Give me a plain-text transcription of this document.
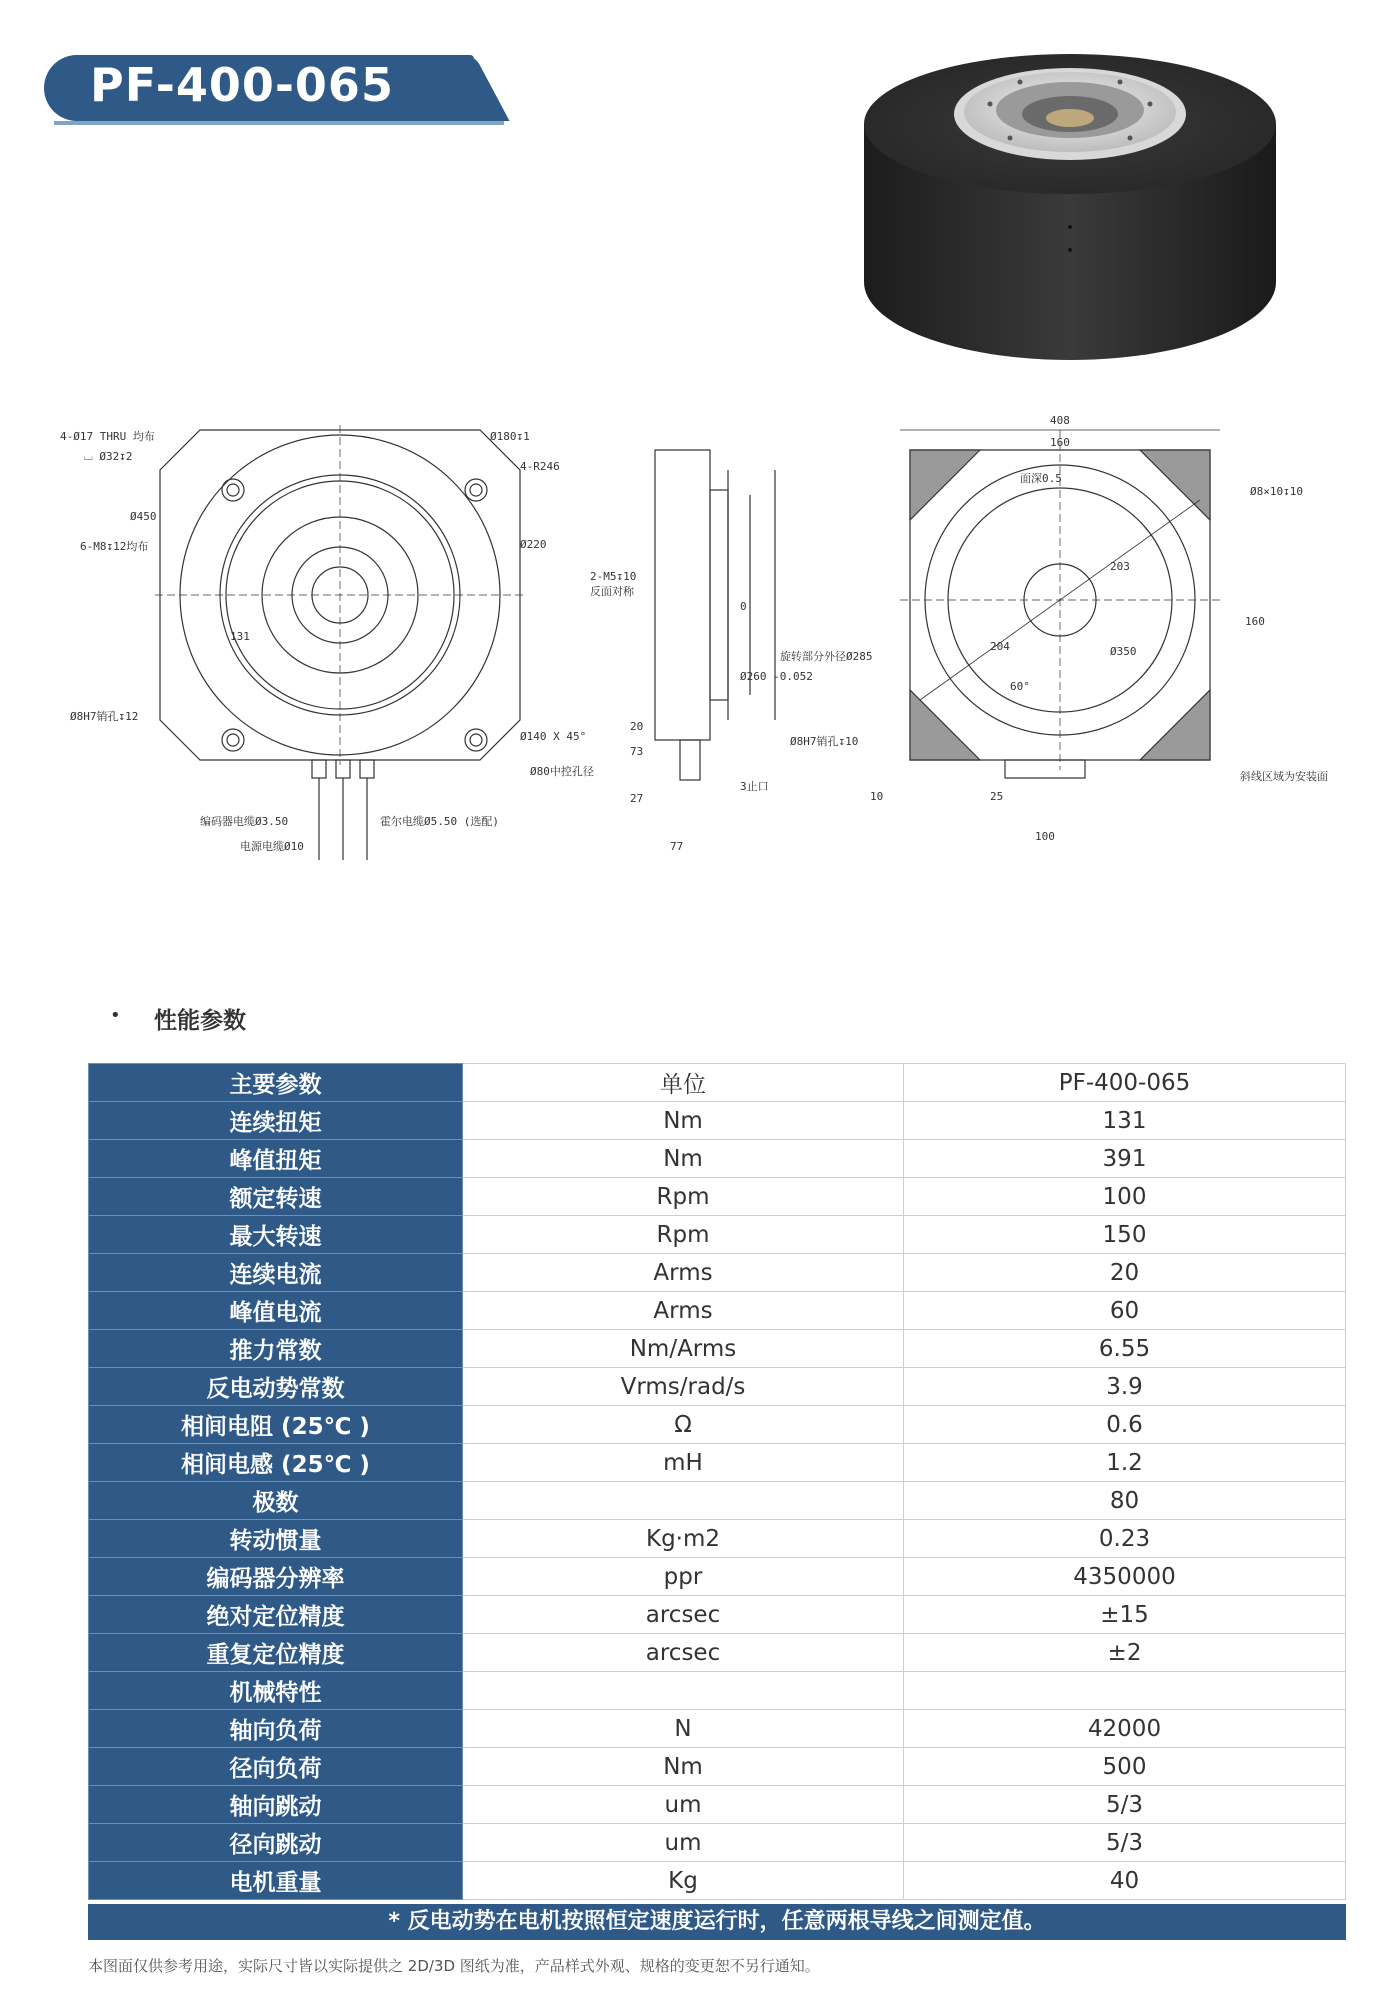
PF-400-065
4-Ø17 THRU 均布
⌴ Ø32↧2
Ø180↧1
4-R246
Ø450
6-M8↧12均布	Ø220
Ø8H7销孔↧12
Ø140 X 45°
Ø80中控孔径
编码器电缆Ø3.50	霍尔电缆Ø5.50 (选配)
电源电缆Ø10
131
2-M5↧10
反面对称
Ø260 -0.052
0
旋转部分外径Ø285
20
73
27
3止口
77
408
160
面深0.5
Ø8×10↧10
203
204	Ø350
60°
160
Ø8H7销孔↧10
10	25
100
斜线区域为安装面
•	性能参数
主要参数	单位	PF-400-065
连续扭矩	Nm	131
峰值扭矩	Nm	391
额定转速	Rpm	100
最大转速	Rpm	150
连续电流	Arms	20
峰值电流	Arms	60
推力常数	Nm/Arms	6.55
反电动势常数	Vrms/rad/s	3.9
相间电阻 (25℃ )	Ω	0.6
相间电感 (25℃ )	mH	1.2
极数		80
转动惯量	Kg·m2	0.23
编码器分辨率	ppr	4350000
绝对定位精度	arcsec	±15
重复定位精度	arcsec	±2
机械特性		
轴向负荷	N	42000
径向负荷	Nm	500
轴向跳动	um	5/3
径向跳动	um	5/3
电机重量	Kg	40
* 反电动势在电机按照恒定速度运行时，任意两根导线之间测定值。
本图面仅供参考用途，实际尺寸皆以实际提供之 2D/3D 图纸为准，产品样式外观、规格的变更恕不另行通知。
